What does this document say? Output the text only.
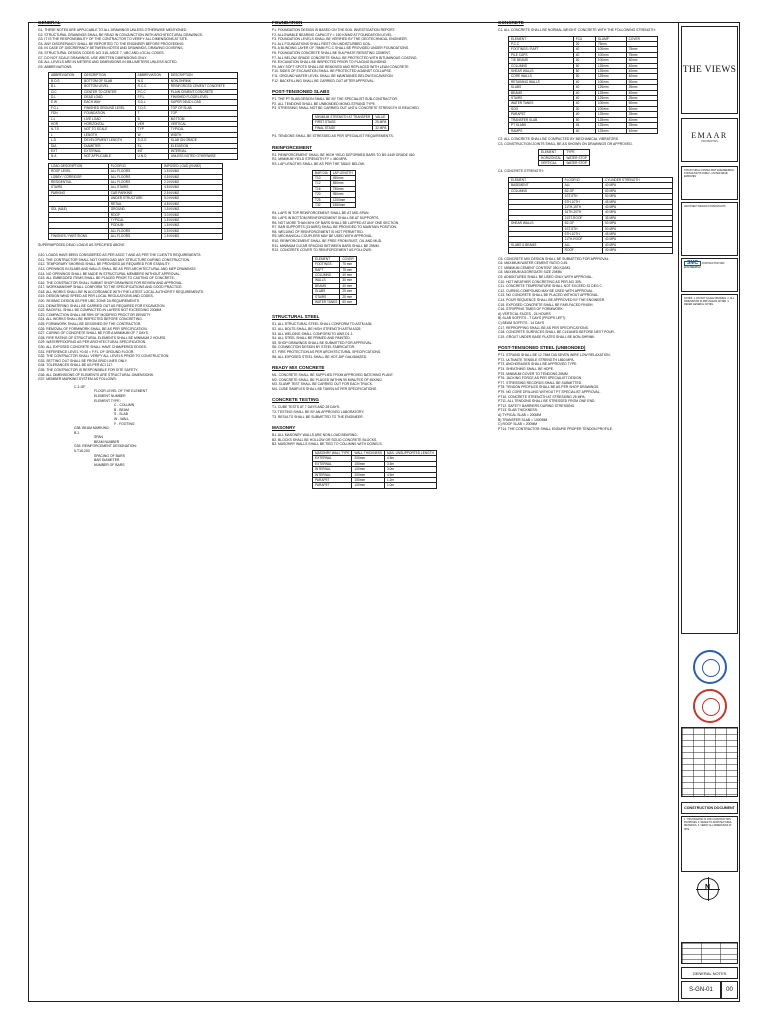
GENERAL
G1. THESE NOTES ARE APPLICABLE TO ALL DRAWINGS UNLESS OTHERWISE MENTIONED.
G2. STRUCTURAL DRAWINGS SHALL BE READ IN CONJUNCTION WITH ARCHITECTURAL DRAWINGS.
G3. IT IS THE RESPONSIBILITY OF THE CONTRACTOR TO VERIFY ALL DIMENSIONS AT SITE.
G4. ANY DISCREPANCY SHALL BE REPORTED TO THE ENGINEER BEFORE PROCEEDING.
G5. IN CASE OF DISCREPANCY BETWEEN NOTES AND DRAWINGS, DRAWING GOVERNS.
G6. STRUCTURAL DESIGN CODES: ACI 318, ASCE 7, UBC AND LOCAL CODES.
G7. DO NOT SCALE DRAWINGS. USE WRITTEN DIMENSIONS ONLY.
G8. ALL LEVELS ARE IN METERS AND DIMENSIONS IN MILLIMETERS UNLESS NOTED.
G9. ABBREVIATIONS:
ABBREVIATION	DESCRIPTION	ABBREVIATION	DESCRIPTION
B.O.S	BOTTOM OF SLAB	N.S	NON-SHRINK
B.L	BOTTOM LEVEL	R.C.C	REINFORCED CEMENT CONCRETE
C/C	CENTER TO CENTER	P.C.C	PLAIN CEMENT CONCRETE
D.L	DEAD LOAD	F.F.L	FINISHED FLOOR LEVEL
E.W	EACH WAY	S.D.L	SUPER DEAD LOAD
F.G.L	FINISHED GROUND LEVEL	T.O.S	TOP OF SLAB
FDN	FOUNDATION	T	TOP
L.L	LIVE LOAD	B	BOTTOM
HOR	HORIZONTAL	VER	VERTICAL
N.T.S	NOT TO SCALE	TYP	TYPICAL
L	LENGTH	W	WIDTH
L.D	DEVELOPMENT LENGTH	S.O.G	SLAB ON GRADE
DIA	DIAMETER	EL	ELEVATION
EXT	EXTERNAL	INT	INTERNAL
N.A	NOT APPLICABLE	U.N.O	UNLESS NOTED OTHERWISE
LOAD DESCRIPTION	FLOOR ID	IMPOSED LOAD (KN/M2)
ROOF LEVEL	ALL FLOORS	1.5 KN/M2
LOBBY / CORRIDOR	ALL FLOORS	4.8 KN/M2
RESIDENTIAL	ALL FLOORS	2.0 KN/M2
STAIRS	ALL STAIRS	4.8 KN/M2
PARKING	CAR PARKING	2.5 KN/M2
	UNDER STRUCTURE	5.0 KN/M2
	RETAIL	4.8 KN/M2
SDL (M&E)	GROUND	1.5 KN/M2
	ROOF	3.0 KN/M2
	TYPICAL	1.5 KN/M2
	PODIUM	1.5 KN/M2
	ALL FLOORS	0.5 KN/M2
FINISHES / PARTITIONS	ALL FLOORS	1.5 KN/M2
SUPERIMPOSED DEAD LOADS AS SPECIFIED ABOVE
G10. LOADS HAVE BEEN CONSIDERED AS PER ASCE 7 AND AS PER THE CLIENT'S REQUIREMENTS.
G11. THE CONTRACTOR SHALL NOT OVERLOAD ANY STRUCTURE DURING CONSTRUCTION.
G12. TEMPORARY SHORING SHALL BE PROVIDED AS REQUIRED FOR STABILITY.
G13. OPENINGS IN SLABS AND WALLS SHALL BE AS PER ARCHITECTURAL AND MEP DRAWINGS.
G14. NO OPENINGS SHALL BE MADE IN STRUCTURAL MEMBERS WITHOUT APPROVAL.
G15. ALL EMBEDDED ITEMS SHALL BE PLACED PRIOR TO CASTING OF CONCRETE.
G16. THE CONTRACTOR SHALL SUBMIT SHOP DRAWINGS FOR REVIEW AND APPROVAL.
G17. WORKMANSHIP SHALL CONFORM TO THE SPECIFICATIONS AND GOOD PRACTICE.
G18. ALL WORKS SHALL BE IN ACCORDANCE WITH THE LATEST LOCAL AUTHORITY REQUIREMENTS.
G19. DESIGN WIND SPEED AS PER LOCAL REGULATIONS AND CODES.
G20. SEISMIC DESIGN AS PER UBC ZONE 2A REQUIREMENTS.
G21. DEWATERING SHALL BE CARRIED OUT AS REQUIRED FOR EXCAVATION.
G22. BACKFILL SHALL BE COMPACTED IN LAYERS NOT EXCEEDING 200MM.
G23. COMPACTION SHALL BE 95% OF MODIFIED PROCTOR DENSITY.
G24. ALL WORKS SHALL BE INSPECTED BEFORE CONCRETING.
G25. FORMWORK SHALL BE DESIGNED BY THE CONTRACTOR.
G26. REMOVAL OF FORMWORK SHALL BE AS PER SPECIFICATION.
G27. CURING OF CONCRETE SHALL BE FOR A MINIMUM OF 7 DAYS.
G28. FIRE RATING OF STRUCTURAL ELEMENTS SHALL BE MINIMUM 2 HOURS.
G29. WATERPROOFING AS PER ARCHITECTURAL SPECIFICATION.
G30. ALL EXPOSED CONCRETE SHALL HAVE CHAMFERED EDGES.
G31. REFERENCE LEVEL +0.00 = F.F.L OF GROUND FLOOR.
G32. THE CONTRACTOR SHALL VERIFY ALL LEVELS PRIOR TO CONSTRUCTION.
G33. SETTING OUT SHALL BE FROM GRID LINES ONLY.
G34. TOLERANCES SHALL BE AS PER ACI 117.
G35. THE CONTRACTOR IS RESPONSIBLE FOR SITE SAFETY.
G36. ALL DIMENSIONS OF ELEMENTS ARE STRUCTURAL DIMENSIONS.
G37. MEMBER MARKING SYSTEM AS FOLLOWS:
C-1-GF
FLOOR LEVEL OF THE ELEMENT
ELEMENT NUMBER
ELEMENT TYPE:
C - COLUMN
B - BEAM
S - SLAB
W - WALL
F - FOOTING
G38. BEAM MARKING:
B-1
SPAN
BEAM NUMBER
G39. REINFORCEMENT DESIGNATION:
5-T16-200
SPACING OF BARS
BAR DIAMETER
NUMBER OF BARS
FOUNDATION
F1. FOUNDATION DESIGN IS BASED ON THE SOIL INVESTIGATION REPORT.
F2. ALLOWABLE BEARING CAPACITY = 150 KN/M2 AT FOUNDATION LEVEL.
F3. FOUNDATION LEVELS SHALL BE VERIFIED BY THE GEOTECHNICAL ENGINEER.
F4. ALL FOUNDATIONS SHALL REST ON UNDISTURBED SOIL.
F5. A BLINDING LAYER OF 75MM P.C.C SHALL BE PROVIDED UNDER FOUNDATIONS.
F6. FOUNDATION CONCRETE SHALL BE SULPHATE RESISTING CEMENT.
F7. ALL BELOW GRADE CONCRETE SHALL BE PROTECTED WITH BITUMINOUS COATING.
F8. EXCAVATION SHALL BE INSPECTED PRIOR TO PLACING BLINDING.
F9. ANY SOFT SPOTS SHALL BE REMOVED AND REPLACED WITH LEAN CONCRETE.
F10. SIDES OF EXCAVATION SHALL BE PROTECTED AGAINST COLLAPSE.
F11. GROUND WATER LEVEL SHALL BE MAINTAINED BELOW EXCAVATION.
F12. BACKFILLING SHALL BE CARRIED OUT AFTER APPROVAL.
POST-TENSIONED SLABS
P1. THE PT SLAB DESIGN SHALL BE BY THE SPECIALIST SUB-CONTRACTOR.
P2. ALL TENDONS SHALL BE UNBONDED MONO-STRAND TYPE.
P3. STRESSING SHALL NOT BE CARRIED OUT UNTIL CONCRETE STRENGTH IS REACHED.
MINIMUM STRENGTH AT TRANSFER	VALUE
FIRST STAGE	25 MPA
FINAL STAGE	32 MPA
P4. TENDONS SHALL BE STRESSED AS PER SPECIALIST REQUIREMENTS.
REINFORCEMENT
R1. REINFORCEMENT SHALL BE HIGH YIELD DEFORMED BARS TO BS 4449 GRADE 460.
R2. MINIMUM YIELD STRENGTH FY = 460 MPA.
R3. LAP LENGTHS SHALL BE AS PER THE TABLE BELOW:
BAR DIA	LAP LENGTH
T10	450mm
T12	550mm
T16	750mm
T20	950mm
T25	1200mm
T32	1550mm
R4. LAPS IN TOP REINFORCEMENT SHALL BE AT MID-SPAN.
R5. LAPS IN BOTTOM REINFORCEMENT SHALL BE AT SUPPORTS.
R6. NOT MORE THAN 50% OF BARS SHALL BE LAPPED AT ANY ONE SECTION.
R7. BAR SUPPORTS (CHAIRS) SHALL BE PROVIDED TO MAINTAIN POSITION.
R8. WELDING OF REINFORCEMENT IS NOT PERMITTED.
R9. MECHANICAL COUPLERS MAY BE USED WITH APPROVAL.
R10. REINFORCEMENT SHALL BE FREE FROM RUST, OIL AND MUD.
R11. MINIMUM CLEAR SPACING BETWEEN BARS SHALL BE 25MM.
R12. CONCRETE COVER TO REINFORCEMENT AS FOLLOWS:
ELEMENT	COVER
FOOTINGS	75 mm
RAFT	75 mm
COLUMNS	40 mm
WALLS	30 mm
BEAMS	40 mm
SLABS	25 mm
STAIRS	25 mm
WATER TANKS	50 mm
STRUCTURAL STEEL
S1. ALL STRUCTURAL STEEL SHALL CONFORM TO ASTM A36.
S2. ALL BOLTS SHALL BE HIGH STRENGTH ASTM A325.
S3. ALL WELDING SHALL CONFORM TO AWS D1.1.
S4. ALL STEEL SHALL BE PRIMED AND PAINTED.
S5. SHOP DRAWINGS SHALL BE SUBMITTED FOR APPROVAL.
S6. CONNECTION DESIGN BY STEEL FABRICATOR.
S7. FIRE PROTECTION AS PER ARCHITECTURAL SPECIFICATIONS.
S8. ALL EXPOSED STEEL SHALL BE HOT-DIP GALVANIZED.
READY MIX CONCRETE
M1. CONCRETE SHALL BE SUPPLIED FROM APPROVED BATCHING PLANT.
M2. CONCRETE SHALL BE PLACED WITHIN 90 MINUTES OF MIXING.
M3. SLUMP TEST SHALL BE CARRIED OUT FOR EACH TRUCK.
M4. CUBE SAMPLES SHALL BE TAKEN AS PER SPECIFICATIONS.
CONCRETE TESTING
T1. CUBE TESTS AT 7 DAYS AND 28 DAYS.
T2. TESTING SHALL BE BY AN APPROVED LABORATORY.
T3. RESULTS SHALL BE SUBMITTED TO THE ENGINEER.
MASONRY
B1. ALL MASONRY WALLS ARE NON-LOAD BEARING.
B2. BLOCKS SHALL BE HOLLOW OR SOLID CONCRETE BLOCKS.
B3. MASONRY WALLS SHALL BE TIED TO COLUMNS WITH DOWELS.
MASONRY WALL TYPE	WALL THICKNESS	MAX. UNSUPPORTED LENGTH
EXTERNAL	200mm	4.5m
EXTERNAL	150mm	3.5m
INTERNAL	100mm	3.0m
INTERNAL	200mm	4.5m
PARAPET	150mm	1.2m
PARAPET	100mm	1.0m
CONCRETE
C1. ALL CONCRETE SHALL BE NORMAL WEIGHT CONCRETE WITH THE FOLLOWING STRENGTH:
ELEMENT	FCU	SLUMP	COVER
P.C.C	20	75mm	-
FOOTINGS / RAFT	40	100mm	75mm
PILE CAPS	40	100mm	75mm
TIE BEAMS	40	100mm	50mm
COLUMNS	50	125mm	40mm
SHEAR WALLS	50	125mm	40mm
CORE WALLS	50	125mm	40mm
RETAINING WALLS	40	100mm	50mm
SLABS	40	125mm	25mm
BEAMS	40	125mm	40mm
STAIRS	40	125mm	25mm
WATER TANKS	40	100mm	50mm
SOG	30	100mm	50mm
PARAPET	40	125mm	25mm
TRANSFER SLAB	50	125mm	40mm
PT SLABS	45	125mm	25mm
RAMPS	40	125mm	40mm
C2. ALL CONCRETE SHALL BE COMPACTED BY MECHANICAL VIBRATORS.
C3. CONSTRUCTION JOINTS SHALL BE AS SHOWN ON DRAWINGS OR APPROVED.
ELEMENT	TYPE
HORIZONTAL	WATER STOP
VERTICAL	WATER STOP
C4. CONCRETE STRENGTH:
ELEMENT	FLOOR ID	CYLINDER STRENGTH
BASEMENT	ALL	40 MPA
COLUMNS	B2-GF	50 MPA
	1ST-5TH	50 MPA
	6TH-10TH	45 MPA
	11TH-15TH	40 MPA
	16TH-20TH	40 MPA
	21ST-ROOF	35 MPA
SHEAR WALLS	B2-GF	50 MPA
	1ST-5TH	50 MPA
	6TH-10TH	45 MPA
	11TH-ROOF	40 MPA
SLABS & BEAMS	ALL	40 MPA
	ROOF	40 MPA
C5. CONCRETE MIX DESIGN SHALL BE SUBMITTED FOR APPROVAL.
C6. MAXIMUM WATER CEMENT RATIO 0.45.
C7. MINIMUM CEMENT CONTENT 350 KG/M3.
C8. MAXIMUM AGGREGATE SIZE 20MM.
C9. ADMIXTURES SHALL BE USED ONLY WITH APPROVAL.
C10. HOT WEATHER CONCRETING AS PER ACI 305.
C11. CONCRETE TEMPERATURE SHALL NOT EXCEED 32 DEG C.
C12. CURING COMPOUND MAY BE USED WITH APPROVAL.
C13. NO CONCRETE SHALL BE PLACED WITHOUT APPROVAL.
C14. POUR SEQUENCE SHALL BE APPROVED BY THE ENGINEER.
C15. EXPOSED CONCRETE SHALL BE FAIR-FACED FINISH.
C16. STRIPPING TIMES OF FORMWORK:
A) VERTICAL FACES - 24 HOURS
B) SLAB SOFFITS - 7 DAYS (PROPS LEFT)
C) BEAM SOFFITS - 14 DAYS
C17. REPROPPING SHALL BE AS PER SPECIFICATIONS.
C18. CONCRETE SURFACES SHALL BE CLEANED BEFORE NEXT POUR.
C19. GROUT UNDER BASE PLATES SHALL BE NON-SHRINK.
POST-TENSIONED STEEL (UNBONDED)
PT1. STRAND SHALL BE 12.7MM DIA SEVEN WIRE LOW RELAXATION.
PT2. ULTIMATE TENSILE STRENGTH 1860 MPA.
PT3. ANCHORAGES SHALL BE APPROVED TYPE.
PT4. SHEATHING SHALL BE HDPE.
PT5. MINIMUM COVER TO TENDONS 25MM.
PT6. JACKING FORCE AS PER SPECIALIST DESIGN.
PT7. STRESSING RECORDS SHALL BE SUBMITTED.
PT8. TENDON PROFILES SHALL BE AS PER SHOP DRAWINGS.
PT9. NO CORE DRILLING WITHOUT PT SPECIALIST APPROVAL.
PT10. CONCRETE STRENGTH AT STRESSING 25 MPA.
PT11. ALL TENDONS SHALL BE STRESSED FROM ONE END.
PT12. SAFETY BARRIERS DURING STRESSING.
PT13. SLAB THICKNESS:
A) TYPICAL SLAB = 200MM
B) TRANSFER SLAB = 1000MM
C) ROOF SLAB = 200MM
PT14. THE CONTRACTOR SHALL ENSURE PROPER TENDON PROFILE.
THE VIEWS
EMAAR
PROPERTIES
STRUCTURAL CONSULTANT ENGINEERING CONSULTANTS DUBAI - UNITED ARAB EMIRATES
ARCHITECT DESIGN CONSULTANTS
SMC CONTRACTOR SMC ENGINEERING
NOTES: 1. DO NOT SCALE DRAWING. 2. ALL DIMENSIONS IN MM UNLESS NOTED. 3. REFER GENERAL NOTES.
CONSTRUCTION DOCUMENT
1. THIS DRAWING IS FOR CONSTRUCTION PURPOSES. 2. REFER TO ARCHITECTURAL DRAWINGS. 3. VERIFY ALL DIMENSIONS AT SITE.
N
GENERAL NOTES
S-GN-01	00
